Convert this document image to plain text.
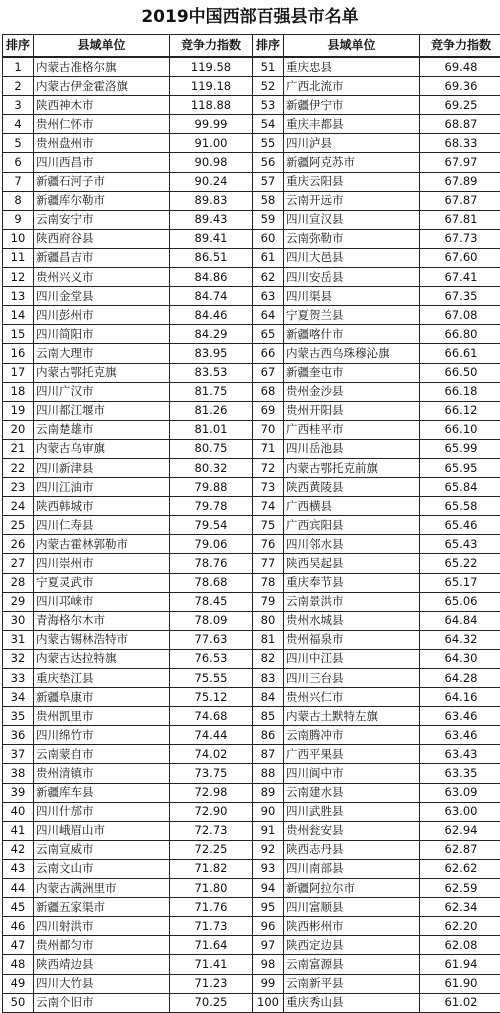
2019中国西部百强县市名单
排序	县域单位	竞争力指数	排序	县域单位	竞争力指数
1	内蒙古准格尔旗	119.58	51	重庆忠县	69.48
2	内蒙古伊金霍洛旗	119.18	52	广西北流市	69.36
3	陕西神木市	118.88	53	新疆伊宁市	69.25
4	贵州仁怀市	99.99	54	重庆丰都县	68.87
5	贵州盘州市	91.00	55	四川泸县	68.33
6	四川西昌市	90.98	56	新疆阿克苏市	67.97
7	新疆石河子市	90.24	57	重庆云阳县	67.89
8	新疆库尔勒市	89.83	58	云南开远市	67.87
9	云南安宁市	89.43	59	四川宣汉县	67.81
10	陕西府谷县	89.41	60	云南弥勒市	67.73
11	新疆昌吉市	86.51	61	四川大邑县	67.60
12	贵州兴义市	84.86	62	四川安岳县	67.41
13	四川金堂县	84.74	63	四川渠县	67.35
14	四川彭州市	84.46	64	宁夏贺兰县	67.08
15	四川简阳市	84.29	65	新疆喀什市	66.80
16	云南大理市	83.95	66	内蒙古西乌珠穆沁旗	66.61
17	内蒙古鄂托克旗	83.53	67	新疆奎屯市	66.50
18	四川广汉市	81.75	68	贵州金沙县	66.18
19	四川都江堰市	81.26	69	贵州开阳县	66.12
20	云南楚雄市	81.01	70	广西桂平市	66.10
21	内蒙古乌审旗	80.75	71	四川岳池县	65.99
22	四川新津县	80.32	72	内蒙古鄂托克前旗	65.95
23	四川江油市	79.88	73	陕西黄陵县	65.84
24	陕西韩城市	79.78	74	广西横县	65.58
25	四川仁寿县	79.54	75	广西宾阳县	65.46
26	内蒙古霍林郭勒市	79.06	76	四川邻水县	65.43
27	四川崇州市	78.76	77	陕西吴起县	65.22
28	宁夏灵武市	78.68	78	重庆奉节县	65.17
29	四川邛崃市	78.45	79	云南景洪市	65.06
30	青海格尔木市	78.09	80	贵州水城县	64.84
31	内蒙古锡林浩特市	77.63	81	贵州福泉市	64.32
32	内蒙古达拉特旗	76.53	82	四川中江县	64.30
33	重庆垫江县	75.55	83	四川三台县	64.28
34	新疆阜康市	75.12	84	贵州兴仁市	64.16
35	贵州凯里市	74.68	85	内蒙古土默特左旗	63.46
36	四川绵竹市	74.44	86	云南腾冲市	63.46
37	云南蒙自市	74.02	87	广西平果县	63.43
38	贵州清镇市	73.75	88	四川阆中市	63.35
39	新疆库车县	72.98	89	云南建水县	63.09
40	四川什邡市	72.90	90	四川武胜县	63.00
41	四川峨眉山市	72.73	91	贵州瓮安县	62.94
42	云南宣威市	72.25	92	陕西志丹县	62.87
43	云南文山市	71.82	93	四川南部县	62.62
44	内蒙古满洲里市	71.80	94	新疆阿拉尔市	62.59
45	新疆五家渠市	71.76	95	四川富顺县	62.34
46	四川射洪市	71.73	96	陕西彬州市	62.20
47	贵州都匀市	71.64	97	陕西定边县	62.08
48	陕西靖边县	71.41	98	云南富源县	61.94
49	四川大竹县	71.23	99	云南新平县	61.90
50	云南个旧市	70.25	100	重庆秀山县	61.02
